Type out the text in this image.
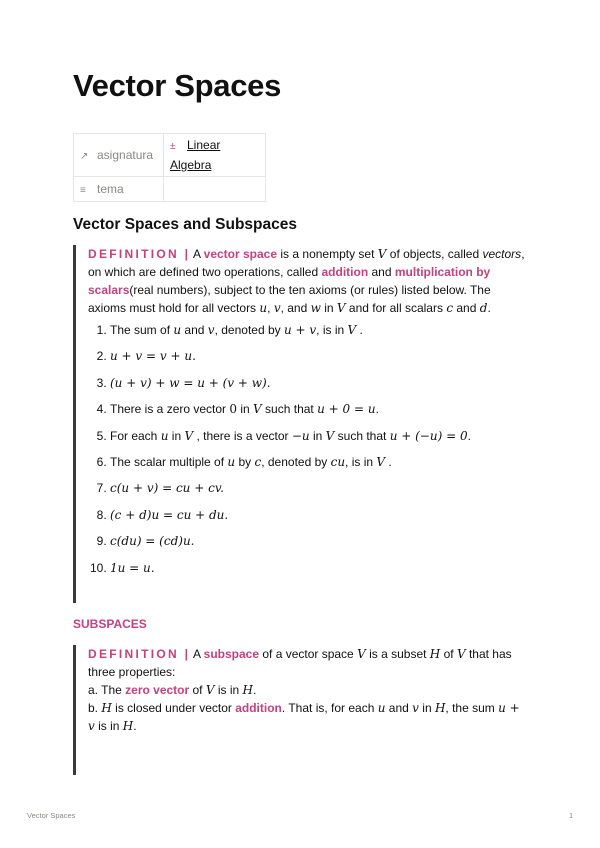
Vector Spaces
↗ asignatura	± Linear Algebra
≡ tema	
Vector Spaces and Subspaces
DEFINITION | A vector space is a nonempty set V of objects, called vectors, on which are defined two operations, called addition and multiplication by scalars(real numbers), subject to the ten axioms (or rules) listed below. The axioms must hold for all vectors u, v, and w in V and for all scalars c and d.
1. The sum of u and v, denoted by u + v, is in V .
2. u + v = v + u.
3. (u + v) + w = u + (v + w).
4. There is a zero vector 0 in V such that u + 0 = u.
5. For each u in V , there is a vector −u in V such that u + (−u) = 0.
6. The scalar multiple of u by c, denoted by cu, is in V .
7. c(u + v) = cu + cv.
8. (c + d)u = cu + du.
9. c(du) = (cd)u.
10. 1u = u.
SUBSPACES
DEFINITION | A subspace of a vector space V is a subset H of V that has three properties:
a. The zero vector of V is in H.
b. H is closed under vector addition. That is, for each u and v in H, the sum u + v is in H.
Vector Spaces	1
